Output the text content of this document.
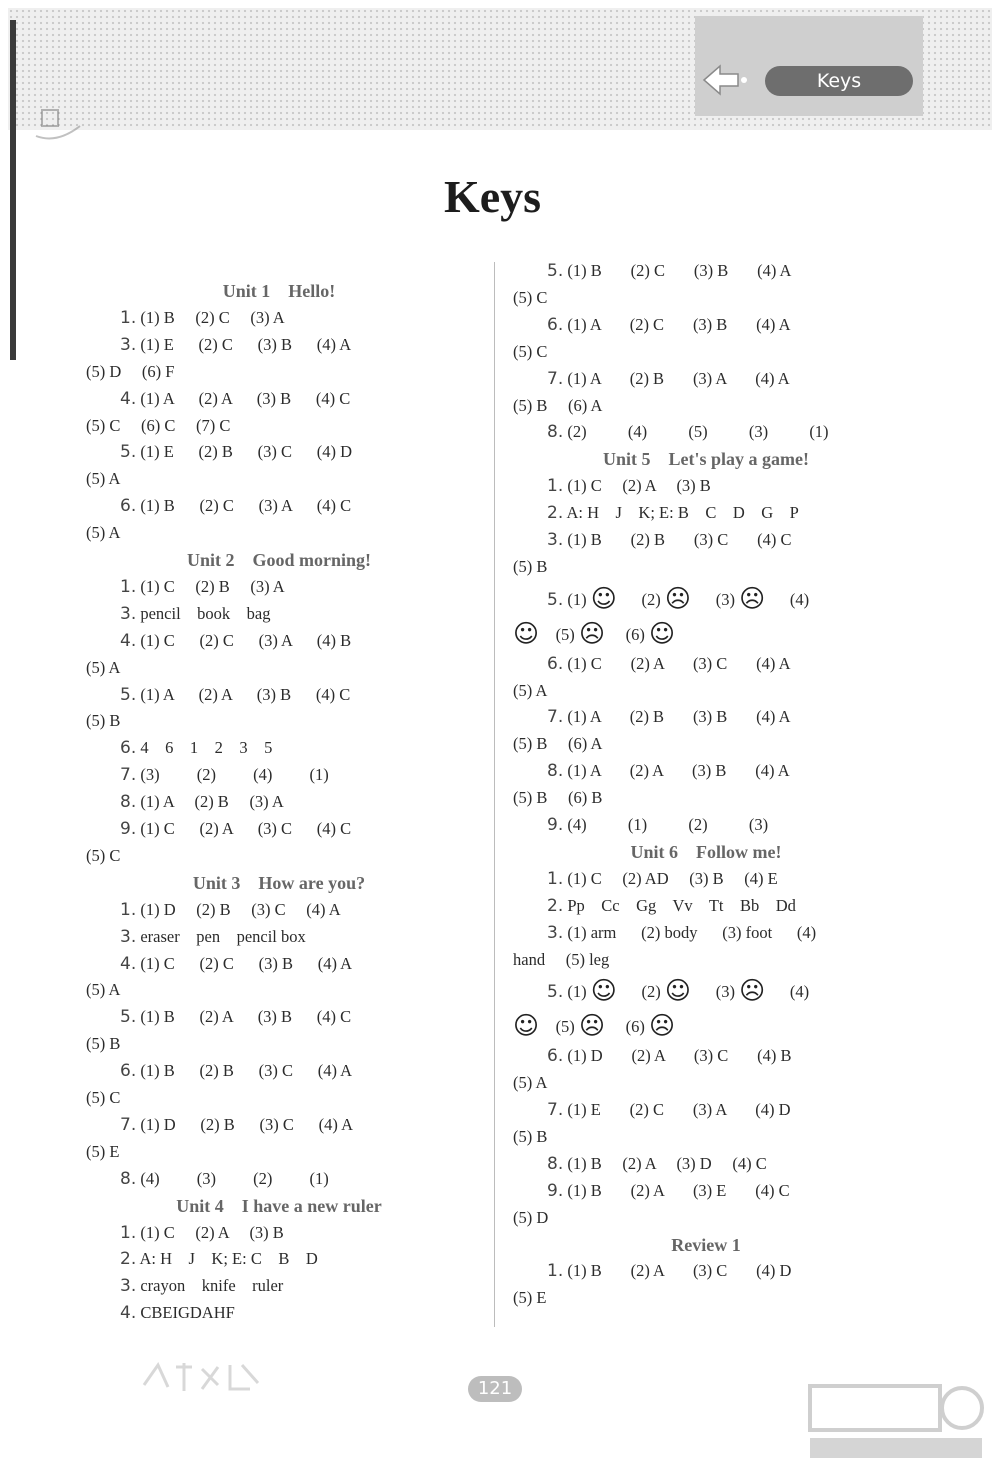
Keys
Keys
Unit 1    Hello!
1. (1) B     (2) C     (3) A
3. (1) E      (2) C      (3) B      (4) A
(5) D     (6) F
4. (1) A      (2) A      (3) B      (4) C
(5) C     (6) C     (7) C
5. (1) E      (2) B      (3) C      (4) D
(5) A
6. (1) B      (2) C      (3) A      (4) C
(5) A
Unit 2    Good morning!
1. (1) C     (2) B     (3) A
3. pencil    book    bag
4. (1) C      (2) C      (3) A      (4) B
(5) A
5. (1) A      (2) A      (3) B      (4) C
(5) B
6. 4    6    1    2    3    5
7. (3)         (2)         (4)         (1)
8. (1) A     (2) B     (3) A
9. (1) C      (2) A      (3) C      (4) C
(5) C
Unit 3    How are you?
1. (1) D     (2) B     (3) C     (4) A
3. eraser    pen    pencil box
4. (1) C      (2) C      (3) B      (4) A
(5) A
5. (1) B      (2) A      (3) B      (4) C
(5) B
6. (1) B      (2) B      (3) C      (4) A
(5) C
7. (1) D      (2) B      (3) C      (4) A
(5) E
8. (4)         (3)         (2)         (1)
Unit 4    I have a new ruler
1. (1) C     (2) A     (3) B
2. A: H    J    K; E: C    B    D
3. crayon    knife    ruler
4. CBEIGDAHF
5. (1) B       (2) C       (3) B       (4) A
(5) C
6. (1) A       (2) C       (3) B       (4) A
(5) C
7. (1) A       (2) B       (3) A       (4) A
(5) B     (6) A
8. (2)          (4)          (5)          (3)          (1)
Unit 5    Let's play a game!
1. (1) C     (2) A     (3) B
2. A: H    J    K; E: B    C    D    G    P
3. (1) B       (2) B       (3) C       (4) C
(5) B
5. (1) ☺      (2) ☹      (3) ☹      (4)
☺    (5) ☹     (6) ☺
6. (1) C       (2) A       (3) C       (4) A
(5) A
7. (1) A       (2) B       (3) B       (4) A
(5) B     (6) A
8. (1) A       (2) A       (3) B       (4) A
(5) B     (6) B
9. (4)          (1)          (2)          (3)
Unit 6    Follow me!
1. (1) C     (2) AD     (3) B     (4) E
2. Pp    Cc    Gg    Vv    Tt    Bb    Dd
3. (1) arm      (2) body      (3) foot      (4)
hand     (5) leg
5. (1) ☺      (2) ☺      (3) ☹      (4)
☺    (5) ☹     (6) ☹
6. (1) D       (2) A       (3) C       (4) B
(5) A
7. (1) E       (2) C       (3) A       (4) D
(5) B
8. (1) B     (2) A     (3) D     (4) C
9. (1) B       (2) A       (3) E       (4) C
(5) D
Review 1
1. (1) B       (2) A       (3) C       (4) D
(5) E
121
